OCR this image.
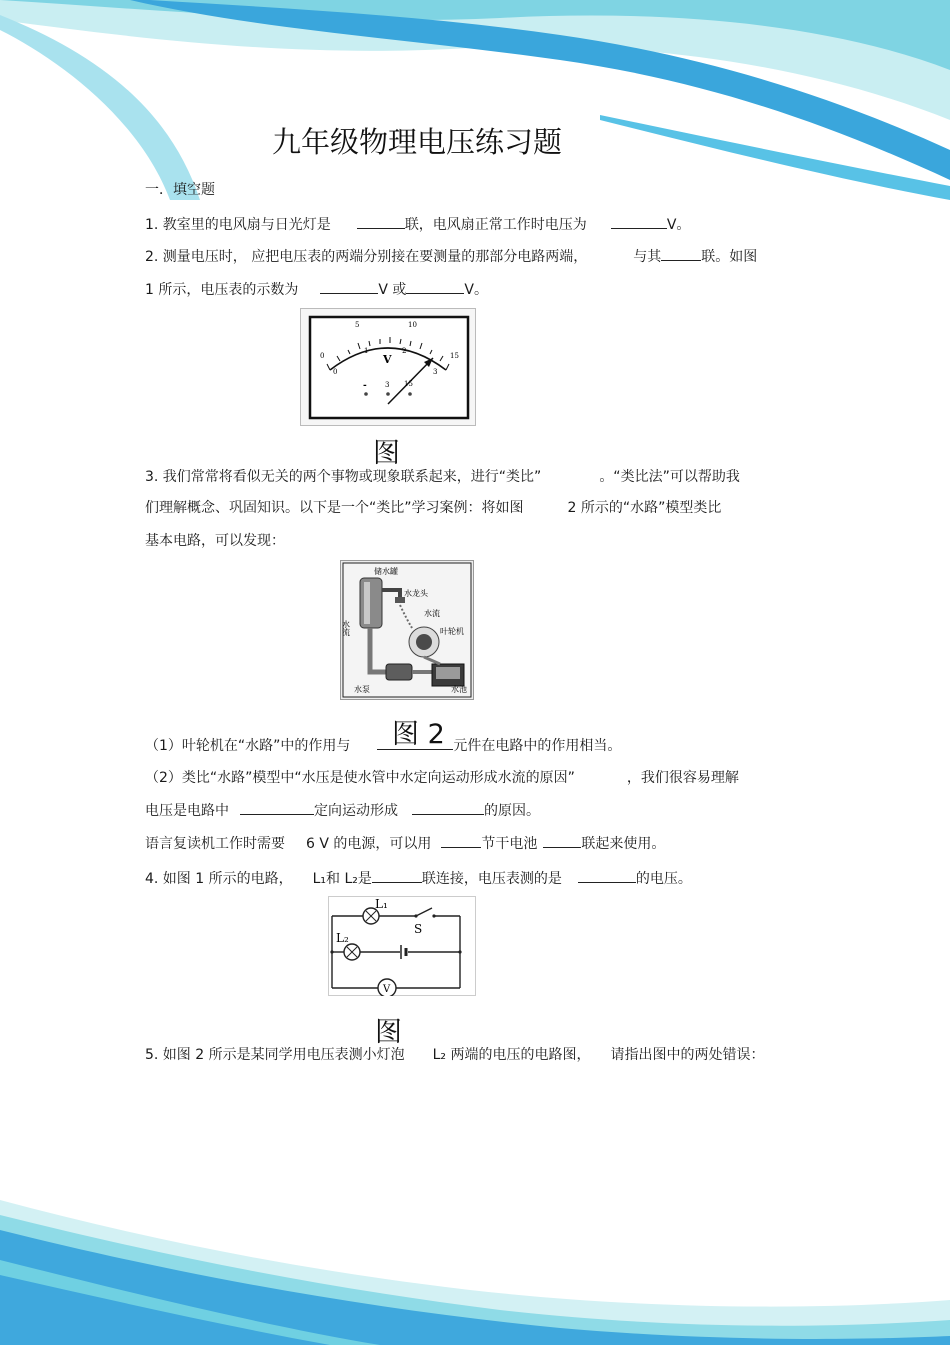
九年级物理电压练习题
一．填空题
1. 教室里的电风扇与日光灯是	联，电风扇正常工作时电压为	V。
2. 测量电压时， 应把电压表的两端分别接在要测量的那部分电路两端，	与其	联。如图
1 所示，电压表的示数为	V 或	V。
0
5	10
15
0
1	2
3
V
-	3 15
图
3. 我们常常将看似无关的两个事物或现象联系起来，进行“类比”	。“类比法”可以帮助我
们理解概念、巩固知识。以下是一个“类比”学习案例：将如图	2 所示的“水路”模型类比
基本电路，可以发现：
储水罐
水龙头
水流
叶轮机
水泵	水池
水流
图 2
（1）叶轮机在“水路”中的作用与	元件在电路中的作用相当。
（2）类比“水路”模型中“水压是使水管中水定向运动形成水流的原因”	，我们很容易理解
电压是电路中	定向运动形成	的原因。
语言复读机工作时需要 6 V 的电源，可以用	节干电池	联起来使用。
4. 如图 1 所示的电路， L₁和 L₂是	联连接，电压表测的是	的电压。
L₁
L₂
S
V
图
5. 如图 2 所示是某同学用电压表测小灯泡 L₂ 两端的电压的电路图， 请指出图中的两处错误：
